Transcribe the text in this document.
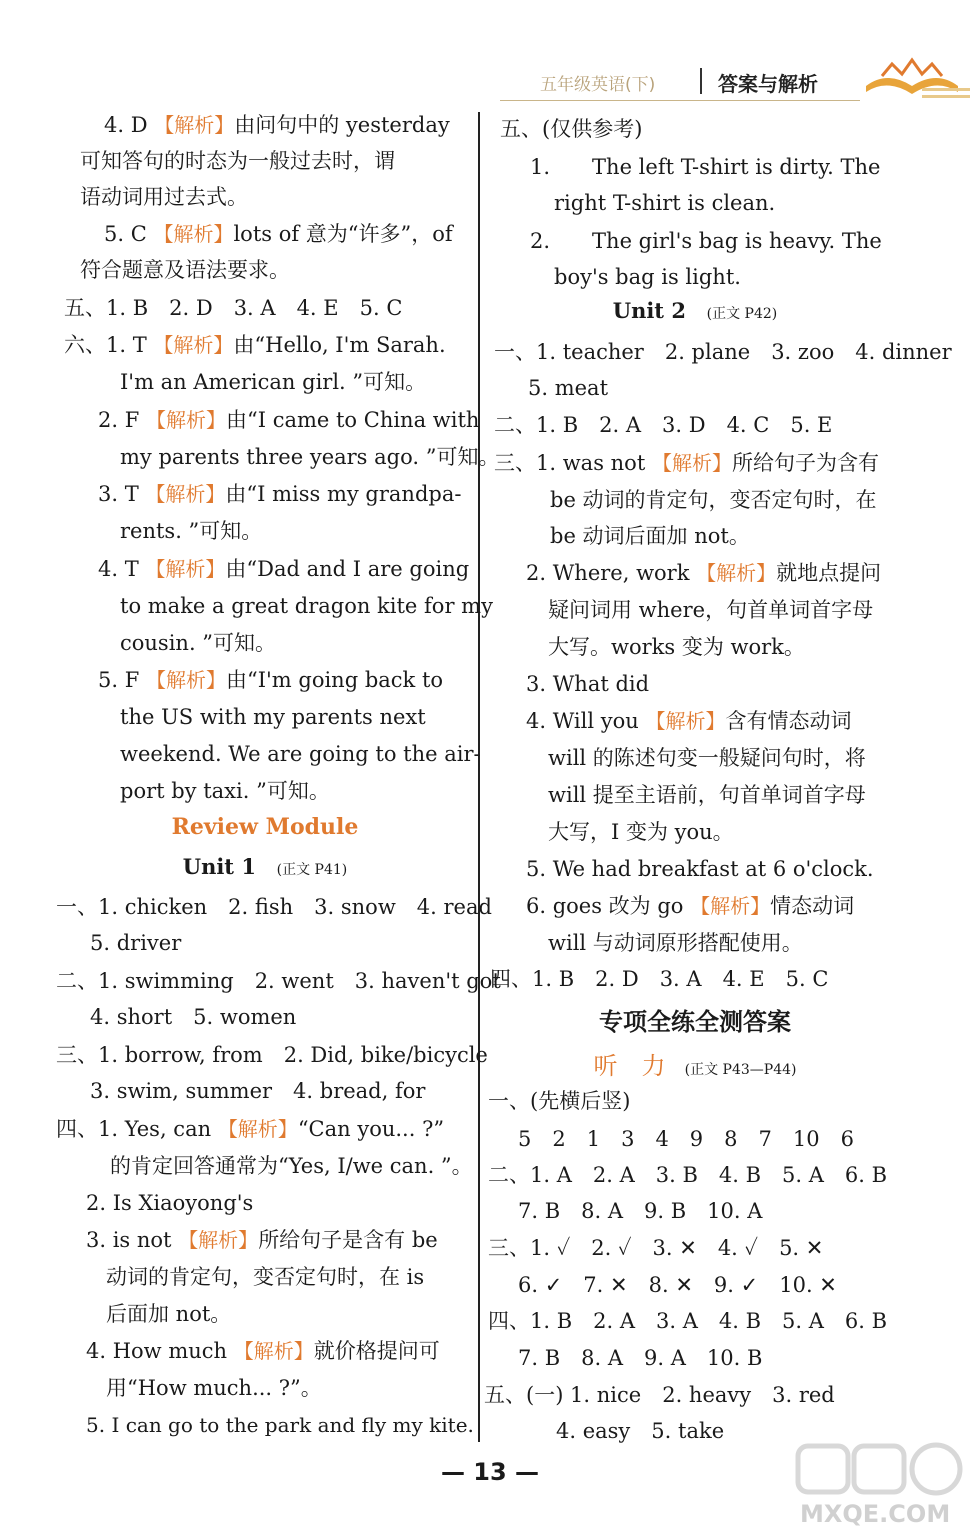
五年级英语(下)	答案与解析
4. D 【解析】由问句中的 yesterday
可知答句的时态为一般过去时，谓
语动词用过去式。
5. C 【解析】lots of 意为“许多”，of
符合题意及语法要求。
五、1. B　2. D　3. A　4. E　5. C
六、1. T 【解析】由“Hello, I'm Sarah.
I'm an American girl. ”可知。
2. F 【解析】由“I came to China with
my parents three years ago. ”可知。
3. T 【解析】由“I miss my grandpa-
rents. ”可知。
4. T 【解析】由“Dad and I are going
to make a great dragon kite for my
cousin. ”可知。
5. F 【解析】由“I'm going back to
the US with my parents next
weekend. We are going to the air-
port by taxi. ”可知。
Review Module
Unit 1 (正文 P41)
一、1. chicken　2. fish　3. snow　4. read
5. driver
二、1. swimming　2. went　3. haven't got
4. short　5. women
三、1. borrow, from　2. Did, bike/bicycle
3. swim, summer　4. bread, for
四、1. Yes, can 【解析】“Can you... ?”
的肯定回答通常为“Yes, I/we can. ”。
2. Is Xiaoyong's
3. is not 【解析】所给句子是含有 be
动词的肯定句，变否定句时，在 is
后面加 not。
4. How much 【解析】就价格提问可
用“How much... ?”。
5. I can go to the park and fly my kite.
五、(仅供参考)
1.　　The left T-shirt is dirty. The
right T-shirt is clean.
2.　　The girl's bag is heavy. The
boy's bag is light.
Unit 2 (正文 P42)
一、1. teacher　2. plane　3. zoo　4. dinner
5. meat
二、1. B　2. A　3. D　4. C　5. E
三、1. was not 【解析】所给句子为含有
be 动词的肯定句，变否定句时，在
be 动词后面加 not。
2. Where, work 【解析】就地点提问
疑问词用 where，句首单词首字母
大写。works 变为 work。
3. What did
4. Will you 【解析】含有情态动词
will 的陈述句变一般疑问句时，将
will 提至主语前，句首单词首字母
大写，I 变为 you。
5. We had breakfast at 6 o'clock.
6. goes 改为 go 【解析】情态动词
will 与动词原形搭配使用。
四、1. B　2. D　3. A　4. E　5. C
专项全练全测答案
听　力 (正文 P43—P44)
一、(先横后竖)
5　2　1　3　4　9　8　7　10　6
二、1. A　2. A　3. B　4. B　5. A　6. B
7. B　8. A　9. B　10. A
三、1. ✓　2. ✓　3. ✕　4. ✓　5. ✕
6. ✓　7. ✕　8. ✕　9. ✓　10. ✕
四、1. B　2. A　3. A　4. B　5. A　6. B
7. B　8. A　9. A　10. B
五、(一) 1. nice　2. heavy　3. red
4. easy　5. take
— 13 —
MXQE.COM
